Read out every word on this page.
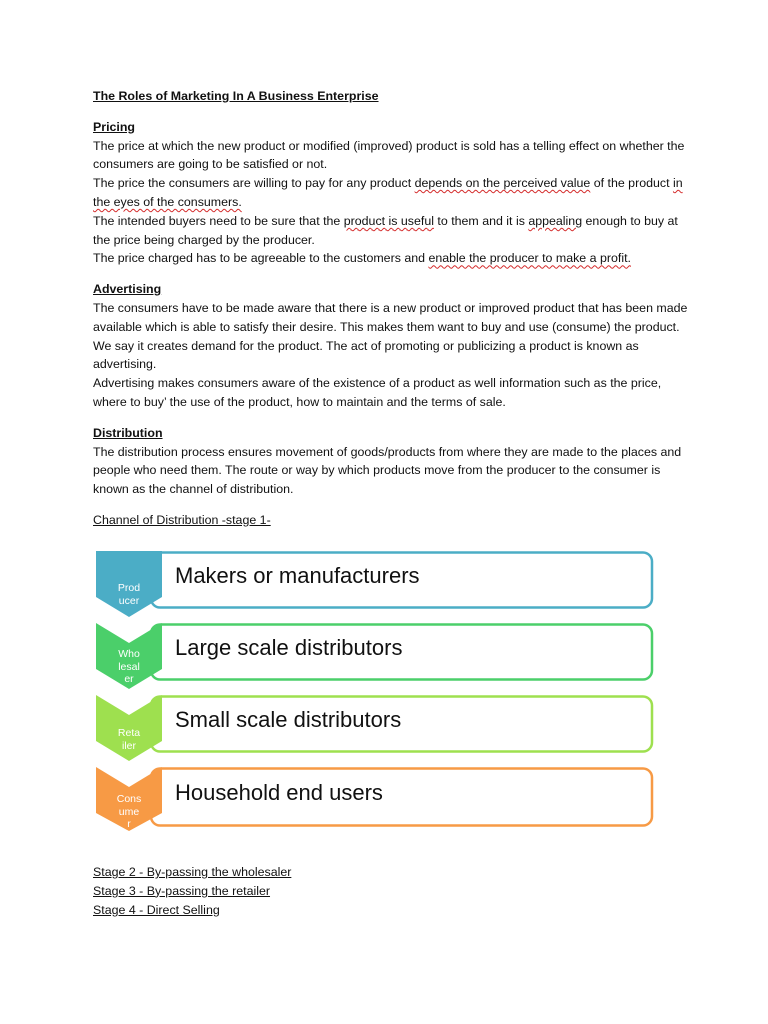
The Roles of Marketing In A Business Enterprise

Pricing

The price at which the new product or modified (improved) product is sold has a telling effect on whether the consumers are going to be satisfied or not.

The price the consumers are willing to pay for any product depends on the perceived value of the product in the eyes of the consumers.

The intended buyers need to be sure that the product is useful to them and it is appealing enough to buy at the price being charged by the producer.

The price charged has to be agreeable to the customers and enable the producer to make a profit.

Advertising

The consumers have to be made aware that there is a new product or improved product that has been made available which is able to satisfy their desire. This makes them want to buy and use (consume) the product.

We say it creates demand for the product. The act of promoting or publicizing a product is known as advertising.

Advertising makes consumers aware of the existence of a product as well information such as the price, where to buy’ the use of the product, how to maintain and the terms of sale.

Distribution

The distribution process ensures movement of goods/products from where they are made to the places and people who need them. The route or way by which products move from the producer to the consumer is known as the channel of distribution.

Channel of Distribution -stage 1-

Makers or manufacturers
Large scale distributors
Small scale distributors
Household end users
Prod
ucer
Who
lesal
er
Reta
iler
Cons
ume
r

Stage 2 - By-passing the wholesaler

Stage 3 - By-passing the retailer

Stage 4 - Direct Selling
